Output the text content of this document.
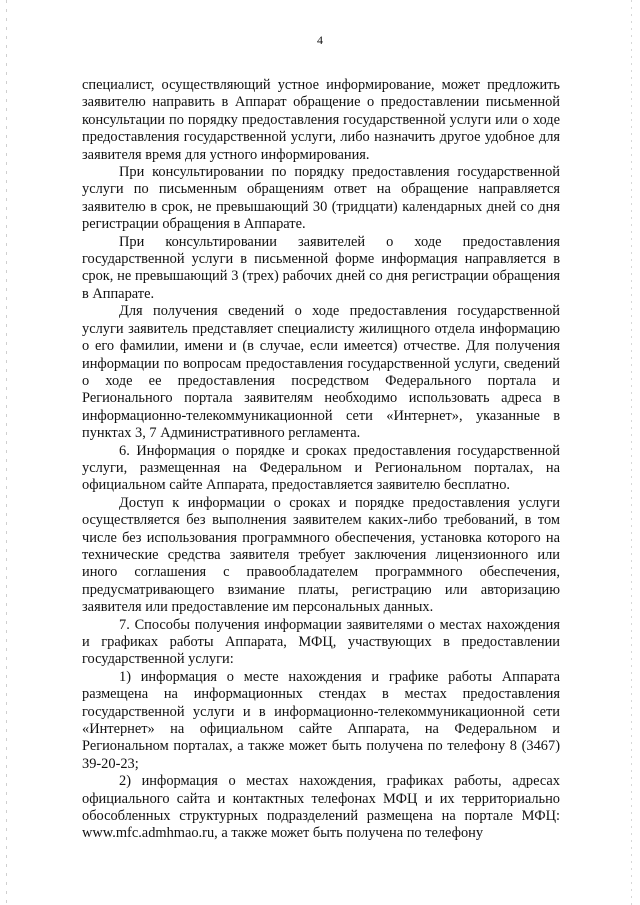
4

специалист, осуществляющий устное информирование, может предложить заявителю направить в Аппарат обращение о предоставлении письменной консультации по порядку предоставления государственной услуги или о ходе предоставления государственной услуги, либо назначить другое удобное для заявителя время для устного информирования.

При консультировании по порядку предоставления государственной услуги по письменным обращениям ответ на обращение направляется заявителю в срок, не превышающий 30 (тридцати) календарных дней со дня регистрации обращения в Аппарате.

При консультировании заявителей о ходе предоставления государственной услуги в письменной форме информация направляется в срок, не превышающий 3 (трех) рабочих дней со дня регистрации обращения в Аппарате.

Для получения сведений о ходе предоставления государственной услуги заявитель представляет специалисту жилищного отдела информацию о его фамилии, имени и (в случае, если имеется) отчестве. Для получения информации по вопросам предоставления государственной услуги, сведений о ходе ее предоставления посредством Федерального портала и Регионального портала заявителям необходимо использовать адреса в информационно-телекоммуникационной сети «Интернет», указанные в пунктах 3, 7 Административного регламента.

6. Информация о порядке и сроках предоставления государственной услуги, размещенная на Федеральном и Региональном порталах, на официальном сайте Аппарата, предоставляется заявителю бесплатно.

Доступ к информации о сроках и порядке предоставления услуги осуществляется без выполнения заявителем каких-либо требований, в том числе без использования программного обеспечения, установка которого на технические средства заявителя требует заключения лицензионного или иного соглашения с правообладателем программного обеспечения, предусматривающего взимание платы, регистрацию или авторизацию заявителя или предоставление им персональных данных.

7. Способы получения информации заявителями о местах нахождения и графиках работы Аппарата, МФЦ, участвующих в предоставлении государственной услуги:

1) информация о месте нахождения и графике работы Аппарата размещена на информационных стендах в местах предоставления государственной услуги и в информационно-телекоммуникационной сети «Интернет» на официальном сайте Аппарата, на Федеральном и Региональном порталах, а также может быть получена по телефону 8 (3467) 39-20-23;

2) информация о местах нахождения, графиках работы, адресах официального сайта и контактных телефонах МФЦ и их территориально обособленных структурных подразделений размещена на портале МФЦ: www.mfc.admhmao.ru, а также может быть получена по телефону
